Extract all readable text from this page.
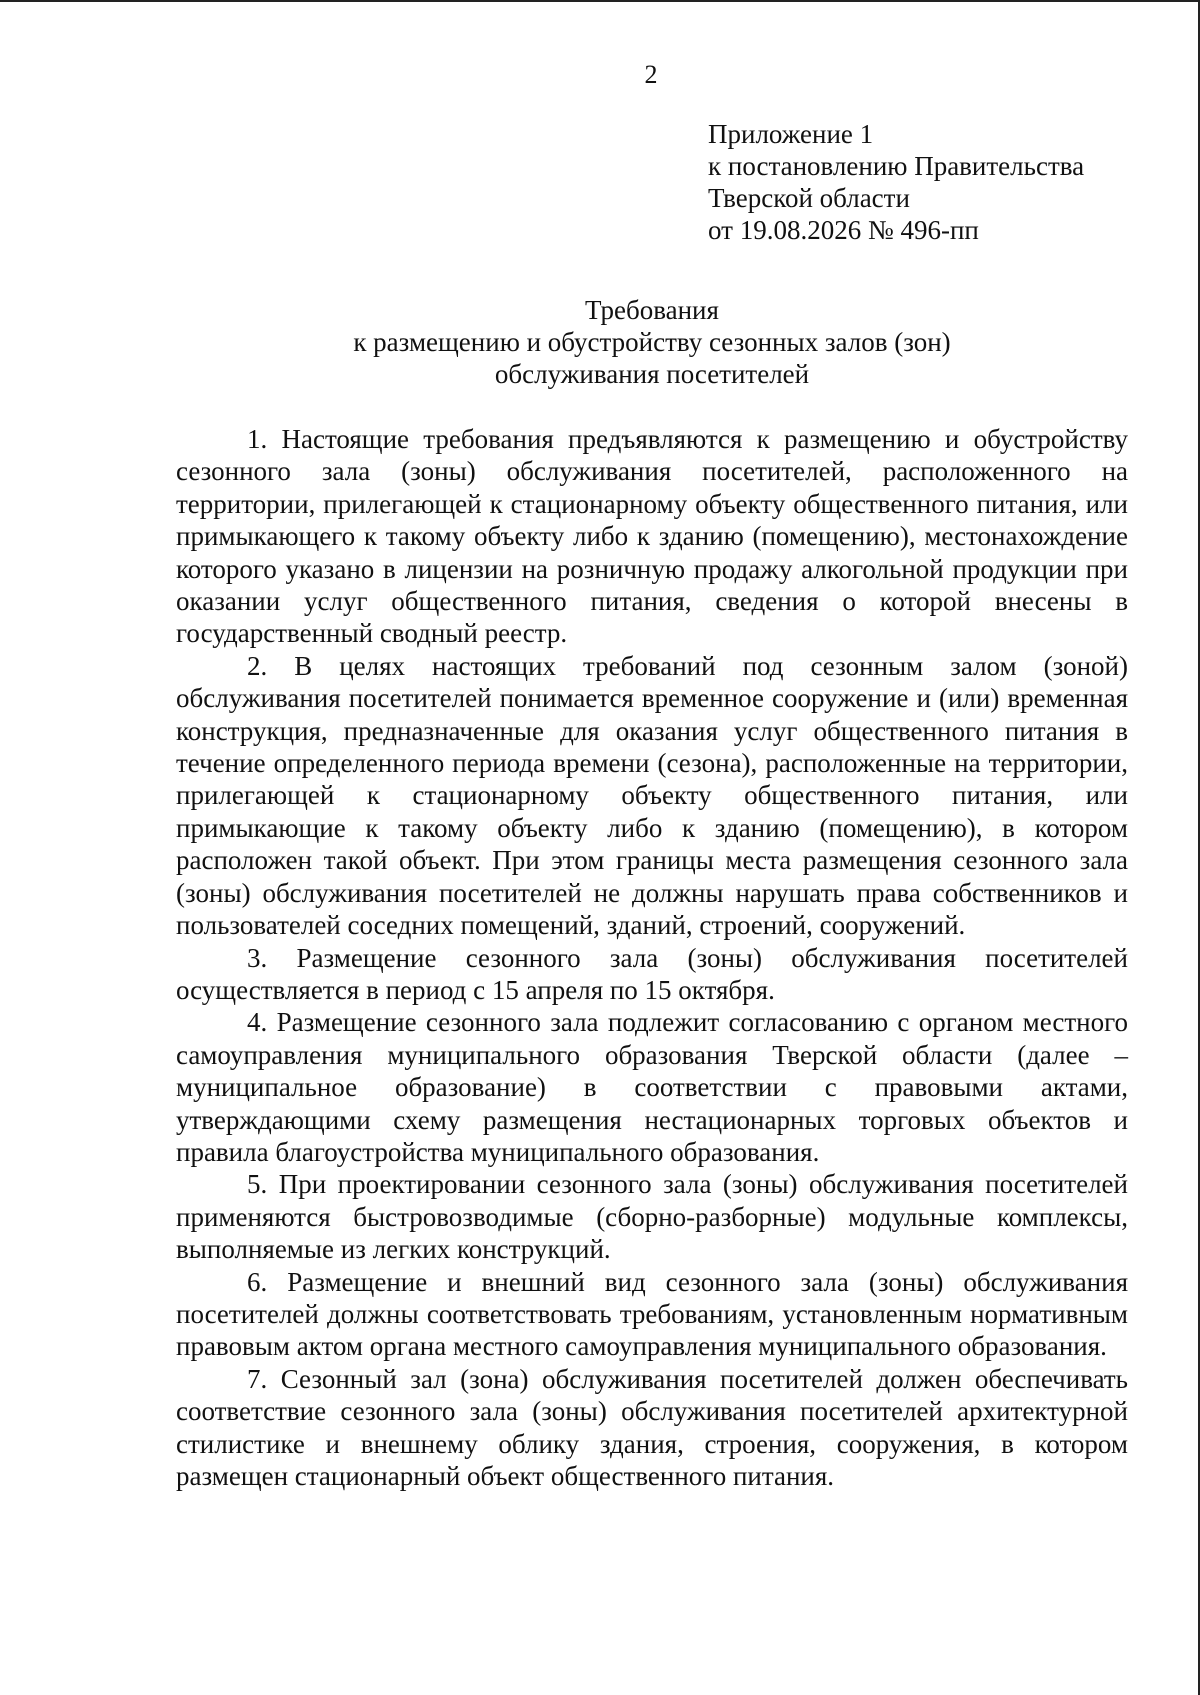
2
Приложение 1
к постановлению Правительства
Тверской области
от 19.08.2026 № 496-пп
Требования
к размещению и обустройству сезонных залов (зон)
обслуживания посетителей

1. Настоящие требования предъявляются к размещению и обустройству сезонного зала (зоны) обслуживания посетителей, расположенного на территории, прилегающей к стационарному объекту общественного питания, или примыкающего к такому объекту либо к зданию (помещению), местонахождение которого указано в лицензии на розничную продажу алкогольной продукции при оказании услуг общественного питания, сведения о которой внесены в государственный сводный реестр.

2. В целях настоящих требований под сезонным залом (зоной) обслуживания посетителей понимается временное сооружение и (или) временная конструкция, предназначенные для оказания услуг общественного питания в течение определенного периода времени (сезона), расположенные на территории, прилегающей к стационарному объекту общественного питания, или примыкающие к такому объекту либо к зданию (помещению), в котором расположен такой объект. При этом границы места размещения сезонного зала (зоны) обслуживания посетителей не должны нарушать права собственников и пользователей соседних помещений, зданий, строений, сооружений.

3. Размещение сезонного зала (зоны) обслуживания посетителей осуществляется в период с 15 апреля по 15 октября.

4. Размещение сезонного зала подлежит согласованию с органом местного самоуправления муниципального образования Тверской области (далее – муниципальное образование) в соответствии с правовыми актами, утверждающими схему размещения нестационарных торговых объектов и правила благоустройства муниципального образования.

5. При проектировании сезонного зала (зоны) обслуживания посетителей применяются быстровозводимые (сборно-разборные) модульные комплексы, выполняемые из легких конструкций.

6. Размещение и внешний вид сезонного зала (зоны) обслуживания посетителей должны соответствовать требованиям, установленным нормативным правовым актом органа местного самоуправления муниципального образования.

7. Сезонный зал (зона) обслуживания посетителей должен обеспечивать соответствие сезонного зала (зоны) обслуживания посетителей архитектурной стилистике и внешнему облику здания, строения, сооружения, в котором размещен стационарный объект общественного питания.
